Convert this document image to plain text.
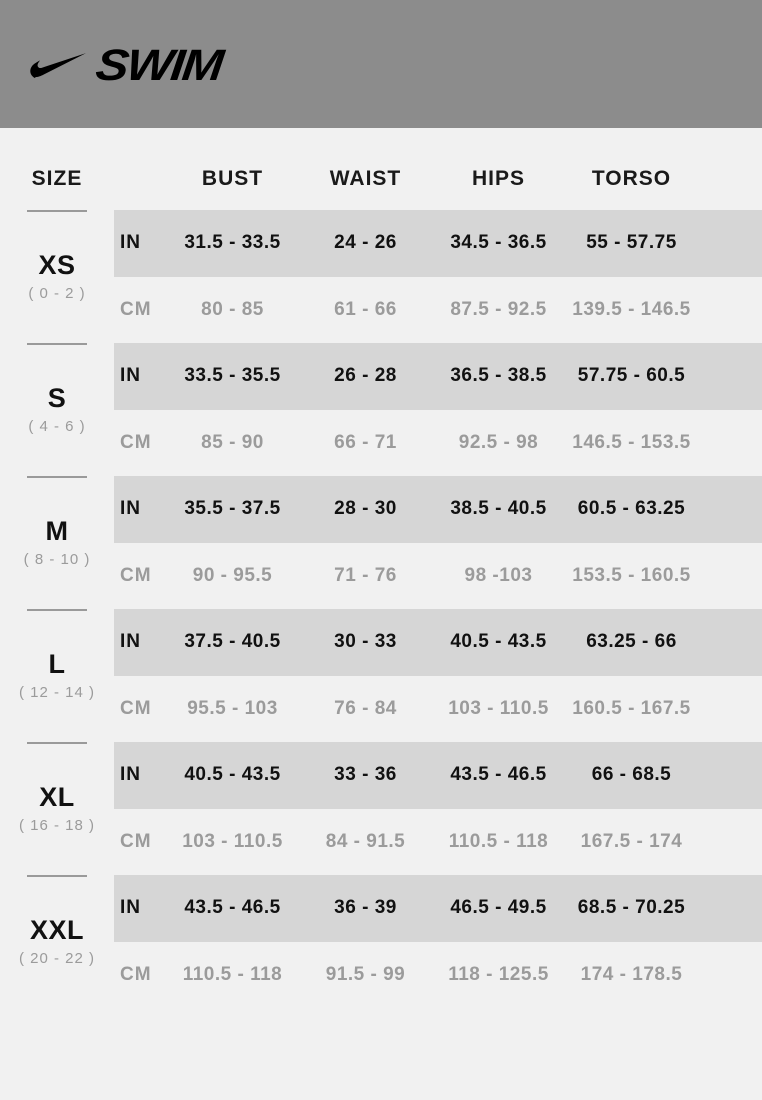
SWIM
SIZE	BUST	WAIST	HIPS	TORSO
XS
( 0 - 2 )
IN	31.5 - 33.5	24 - 26	34.5 - 36.5	55 - 57.75
CM	80 - 85	61 - 66	87.5 - 92.5	139.5 - 146.5
S
( 4 - 6 )
IN	33.5 - 35.5	26 - 28	36.5 - 38.5	57.75 - 60.5
CM	85 - 90	66 - 71	92.5 - 98	146.5 - 153.5
M
( 8 - 10 )
IN	35.5 - 37.5	28 - 30	38.5 - 40.5	60.5 - 63.25
CM	90 - 95.5	71 - 76	98 -103	153.5 - 160.5
L
( 12 - 14 )
IN	37.5 - 40.5	30 - 33	40.5 - 43.5	63.25 - 66
CM	95.5 - 103	76 - 84	103 - 110.5	160.5 - 167.5
XL
( 16 - 18 )
IN	40.5 - 43.5	33 - 36	43.5 - 46.5	66 - 68.5
CM	103 - 110.5	84 - 91.5	110.5 - 118	167.5 - 174
XXL
( 20 - 22 )
IN	43.5 - 46.5	36 - 39	46.5 - 49.5	68.5 - 70.25
CM	110.5 - 118	91.5 - 99	118 - 125.5	174 - 178.5
